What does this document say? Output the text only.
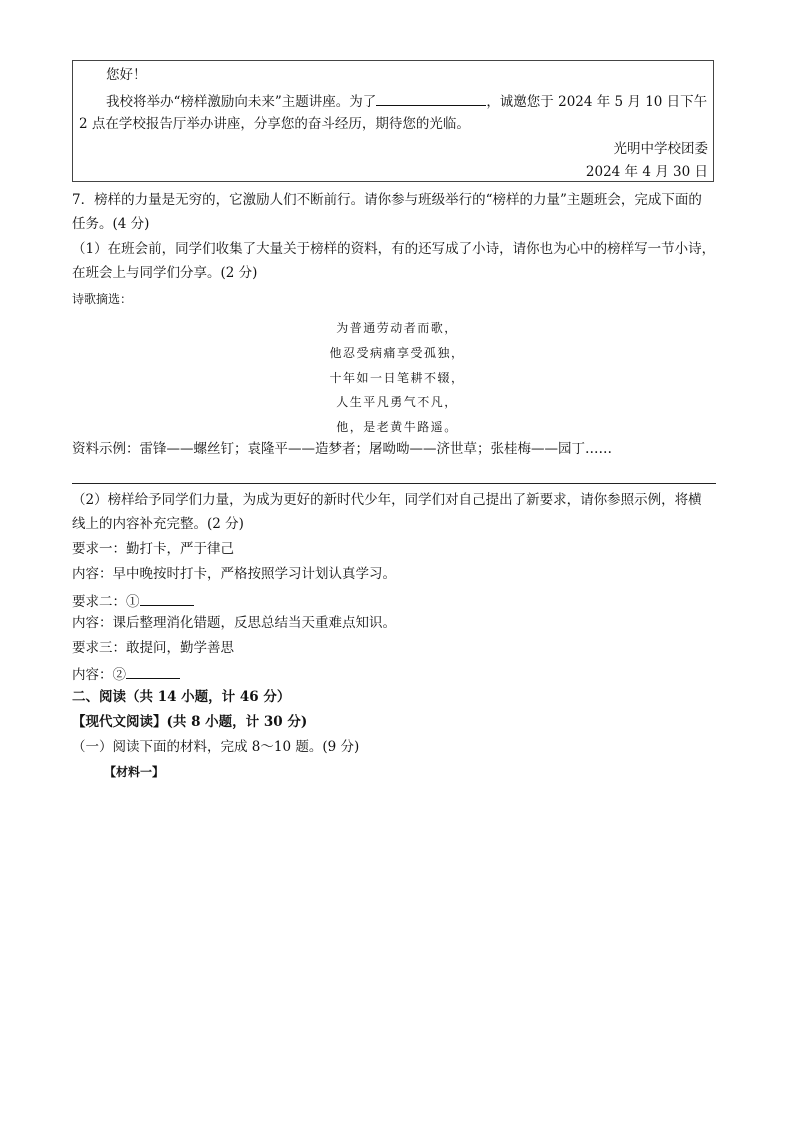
您好！
我校将举办“榜样激励向未来”主题讲座。为了	，诚邀您于 2024 年 5 月 10 日下午
2 点在学校报告厅举办讲座，分享您的奋斗经历，期待您的光临。
光明中学校团委
2024 年 4 月 30 日
7．榜样的力量是无穷的，它激励人们不断前行。请你参与班级举行的“榜样的力量”主题班会，完成下面的
任务。(4 分)
（1）在班会前，同学们收集了大量关于榜样的资料，有的还写成了小诗，请你也为心中的榜样写一节小诗，
在班会上与同学们分享。(2 分)
诗歌摘选：
为普通劳动者而歌，
他忍受病痛享受孤独，
十年如一日笔耕不辍，
人生平凡勇气不凡，
他，是老黄牛路遥。
资料示例：雷锋——螺丝钉；袁隆平——造梦者；屠呦呦——济世草；张桂梅——园丁……
（2）榜样给予同学们力量，为成为更好的新时代少年，同学们对自己提出了新要求，请你参照示例，将横
线上的内容补充完整。(2 分)
要求一：勤打卡，严于律己
内容：早中晚按时打卡，严格按照学习计划认真学习。
要求二：①
内容：课后整理消化错题，反思总结当天重难点知识。
要求三：敢提问，勤学善思
内容：②
二、阅读（共 14 小题，计 46 分）
【现代文阅读】(共 8 小题，计 30 分)
（一）阅读下面的材料，完成 8～10 题。(9 分)
【材料一】
